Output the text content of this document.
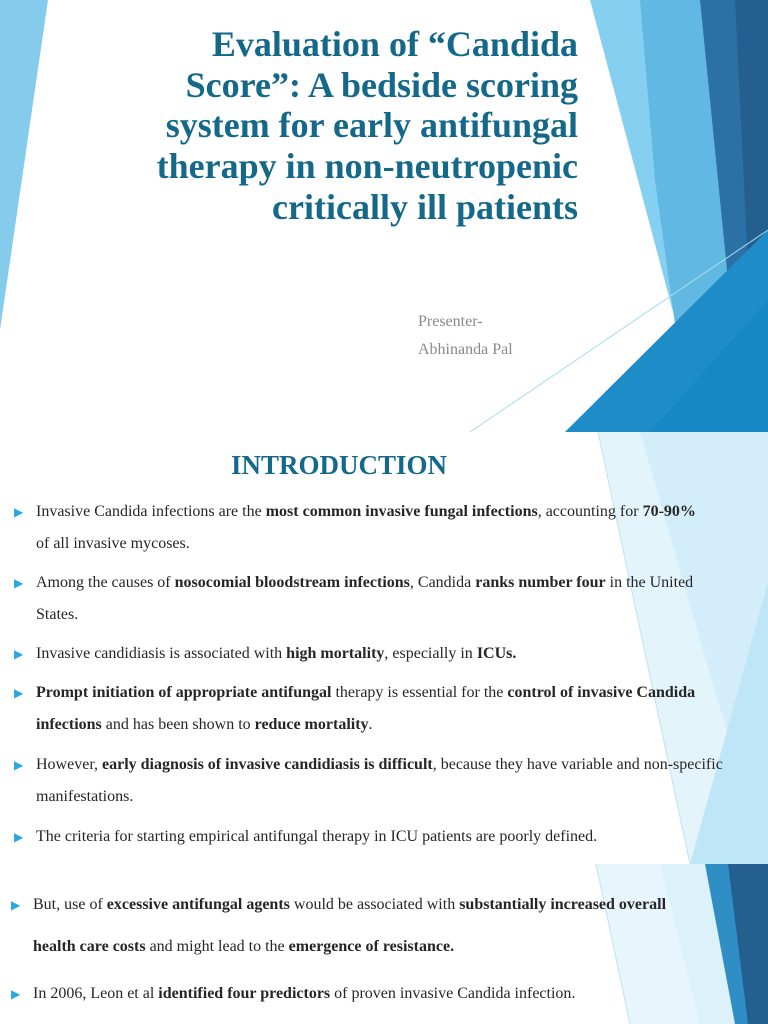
Evaluation of “Candida Score”: A bedside scoring system for early antifungal therapy in non-neutropenic critically ill patients
Presenter-
Abhinanda Pal
INTRODUCTION
▶ Invasive Candida infections are the most common invasive fungal infections, accounting for 70-90% of all invasive mycoses.
▶ Among the causes of nosocomial bloodstream infections, Candida ranks number four in the United States.
▶ Invasive candidiasis is associated with high mortality, especially in ICUs.
▶ Prompt initiation of appropriate antifungal therapy is essential for the control of invasive Candida infections and has been shown to reduce mortality.
▶ However, early diagnosis of invasive candidiasis is difficult, because they have variable and non-specific manifestations.
▶ The criteria for starting empirical antifungal therapy in ICU patients are poorly defined.
▶ But, use of excessive antifungal agents would be associated with substantially increased overall health care costs and might lead to the emergence of resistance.
▶ In 2006, Leon et al identified four predictors of proven invasive Candida infection.
